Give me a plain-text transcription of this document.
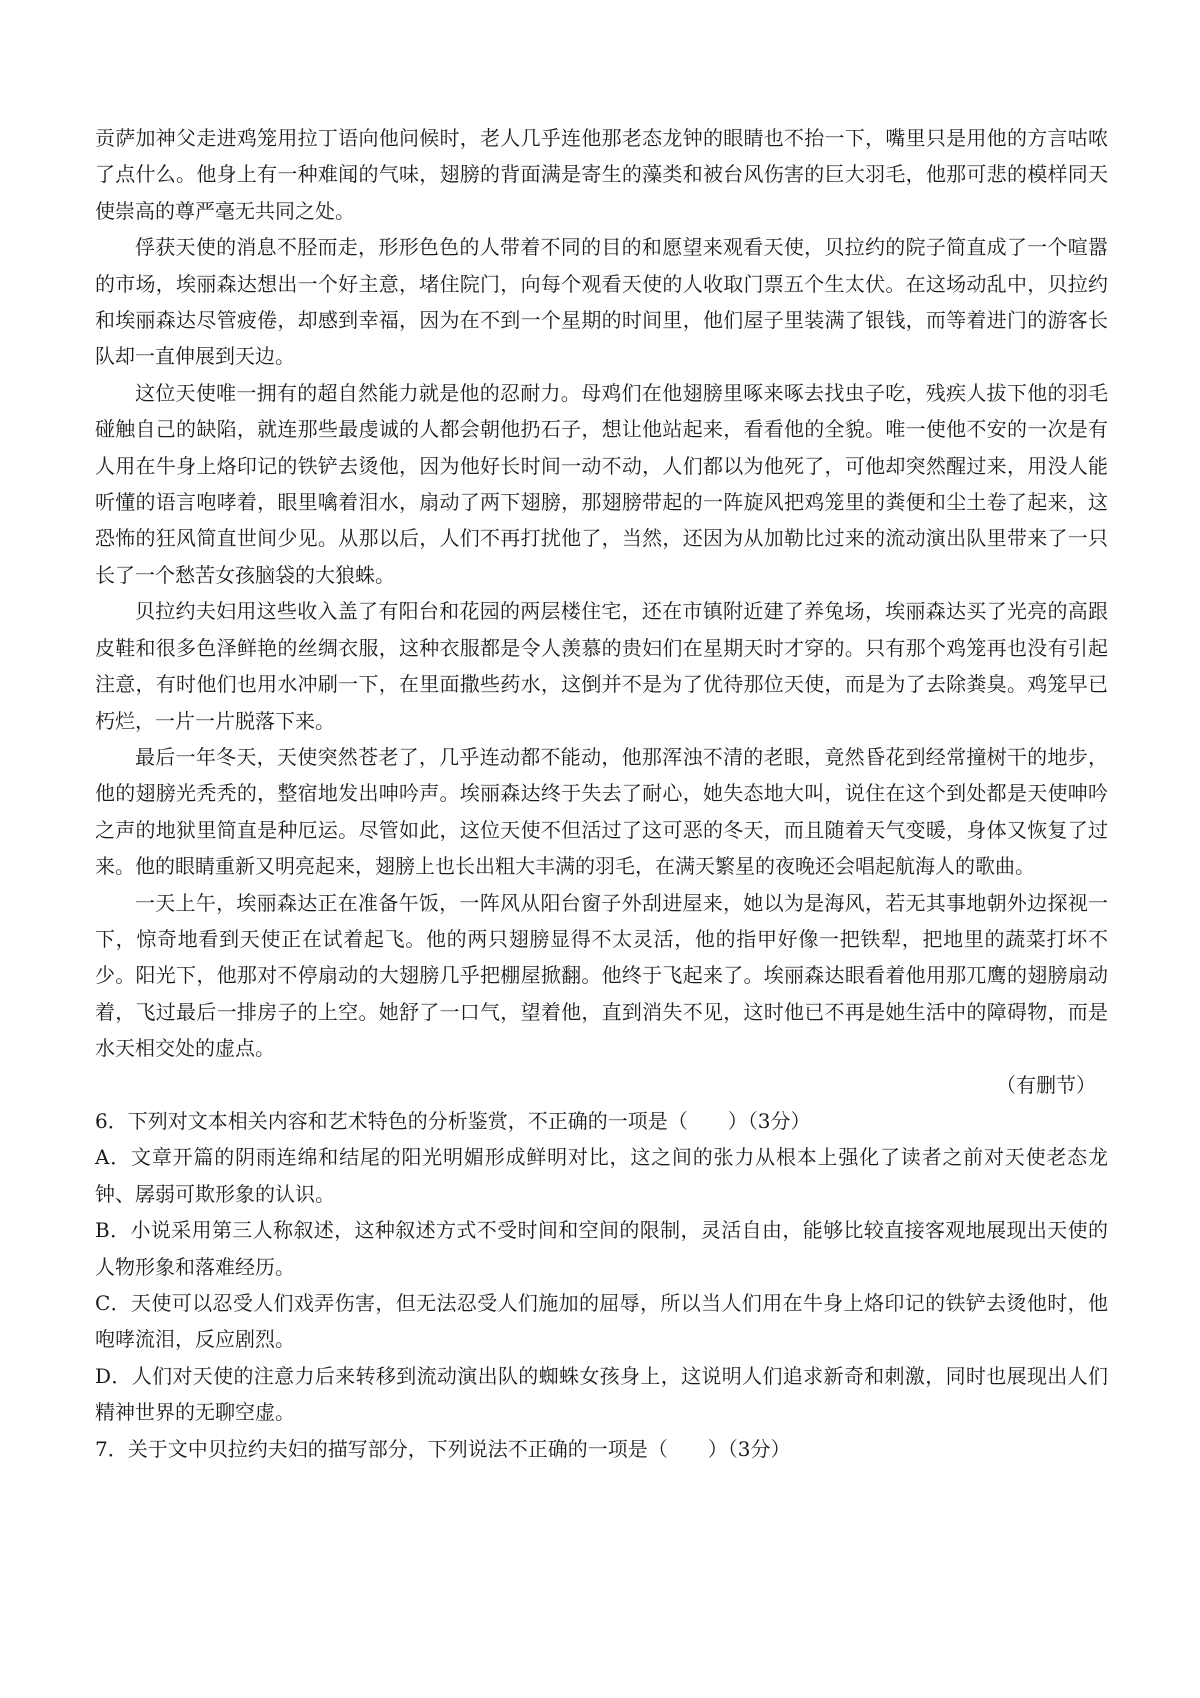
贡萨加神父走进鸡笼用拉丁语向他问候时，老人几乎连他那老态龙钟的眼睛也不抬一下，嘴里只是用他的方言咕哝了点什么。他身上有一种难闻的气味，翅膀的背面满是寄生的藻类和被台风伤害的巨大羽毛，他那可悲的模样同天使崇高的尊严毫无共同之处。

俘获天使的消息不胫而走，形形色色的人带着不同的目的和愿望来观看天使，贝拉约的院子简直成了一个喧嚣的市场，埃丽森达想出一个好主意，堵住院门，向每个观看天使的人收取门票五个生太伏。在这场动乱中，贝拉约和埃丽森达尽管疲倦，却感到幸福，因为在不到一个星期的时间里，他们屋子里装满了银钱，而等着进门的游客长队却一直伸展到天边。

这位天使唯一拥有的超自然能力就是他的忍耐力。母鸡们在他翅膀里啄来啄去找虫子吃，残疾人拔下他的羽毛碰触自己的缺陷，就连那些最虔诚的人都会朝他扔石子，想让他站起来，看看他的全貌。唯一使他不安的一次是有人用在牛身上烙印记的铁铲去烫他，因为他好长时间一动不动，人们都以为他死了，可他却突然醒过来，用没人能听懂的语言咆哮着，眼里噙着泪水，扇动了两下翅膀，那翅膀带起的一阵旋风把鸡笼里的粪便和尘土卷了起来，这恐怖的狂风简直世间少见。从那以后，人们不再打扰他了，当然，还因为从加勒比过来的流动演出队里带来了一只长了一个愁苦女孩脑袋的大狼蛛。

贝拉约夫妇用这些收入盖了有阳台和花园的两层楼住宅，还在市镇附近建了养兔场，埃丽森达买了光亮的高跟皮鞋和很多色泽鲜艳的丝绸衣服，这种衣服都是令人羡慕的贵妇们在星期天时才穿的。只有那个鸡笼再也没有引起注意，有时他们也用水冲刷一下，在里面撒些药水，这倒并不是为了优待那位天使，而是为了去除粪臭。鸡笼早已朽烂，一片一片脱落下来。

最后一年冬天，天使突然苍老了，几乎连动都不能动，他那浑浊不清的老眼，竟然昏花到经常撞树干的地步，他的翅膀光秃秃的，整宿地发出呻吟声。埃丽森达终于失去了耐心，她失态地大叫，说住在这个到处都是天使呻吟之声的地狱里简直是种厄运。尽管如此，这位天使不但活过了这可恶的冬天，而且随着天气变暖，身体又恢复了过来。他的眼睛重新又明亮起来，翅膀上也长出粗大丰满的羽毛，在满天繁星的夜晚还会唱起航海人的歌曲。

一天上午，埃丽森达正在准备午饭，一阵风从阳台窗子外刮进屋来，她以为是海风，若无其事地朝外边探视一下，惊奇地看到天使正在试着起飞。他的两只翅膀显得不太灵活，他的指甲好像一把铁犁，把地里的蔬菜打坏不少。阳光下，他那对不停扇动的大翅膀几乎把棚屋掀翻。他终于飞起来了。埃丽森达眼看着他用那兀鹰的翅膀扇动着，飞过最后一排房子的上空。她舒了一口气，望着他，直到消失不见，这时他已不再是她生活中的障碍物，而是水天相交处的虚点。

（有删节）

6．下列对文本相关内容和艺术特色的分析鉴赏，不正确的一项是（　　）（3分）

A．文章开篇的阴雨连绵和结尾的阳光明媚形成鲜明对比，这之间的张力从根本上强化了读者之前对天使老态龙钟、孱弱可欺形象的认识。

B．小说采用第三人称叙述，这种叙述方式不受时间和空间的限制，灵活自由，能够比较直接客观地展现出天使的人物形象和落难经历。

C．天使可以忍受人们戏弄伤害，但无法忍受人们施加的屈辱，所以当人们用在牛身上烙印记的铁铲去烫他时，他咆哮流泪，反应剧烈。

D．人们对天使的注意力后来转移到流动演出队的蜘蛛女孩身上，这说明人们追求新奇和刺激，同时也展现出人们精神世界的无聊空虚。

7．关于文中贝拉约夫妇的描写部分，下列说法不正确的一项是（　　）（3分）
